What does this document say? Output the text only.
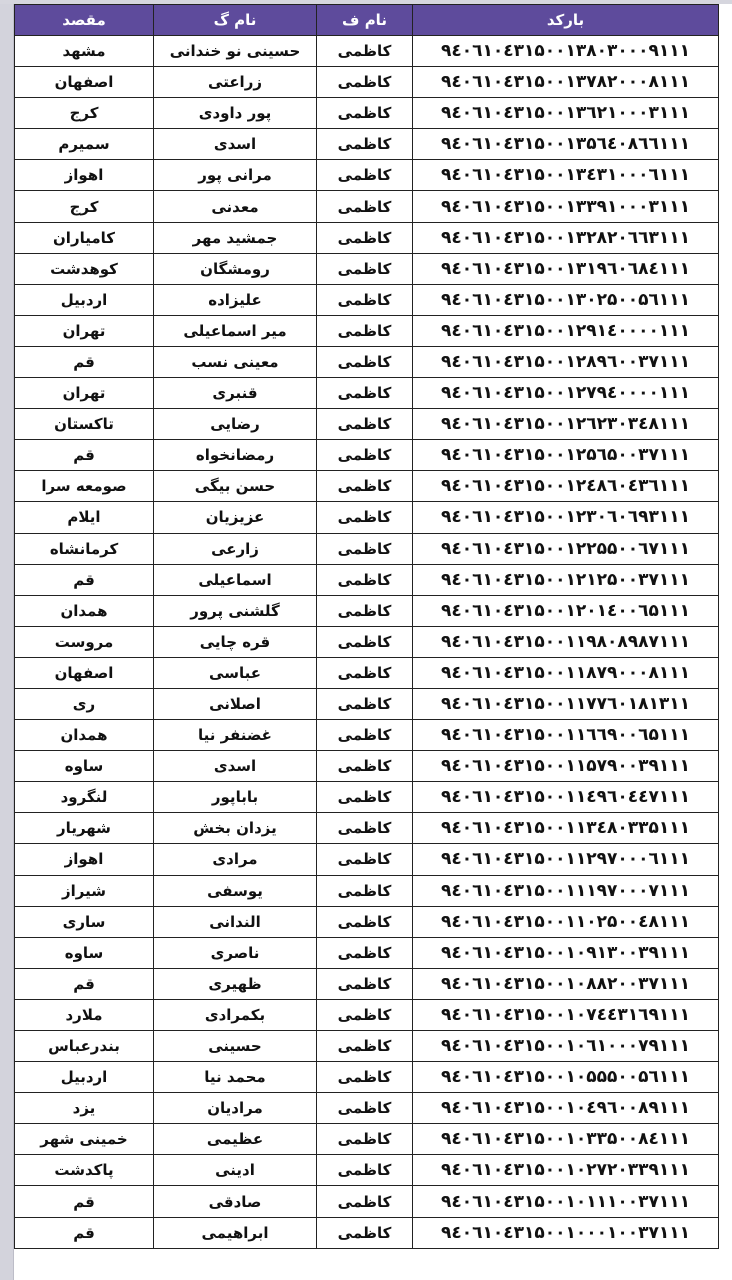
مقصد	نام گ	نام ف	بارکد
مشهد	حسینی نو خندانی	کاظمی	۹٤۰٦۱۰٤۳۱۵۰۰۱۳۸۰۳۰۰۰۹۱۱۱
اصفهان	زراعتی	کاظمی	۹٤۰٦۱۰٤۳۱۵۰۰۱۳۷۸۲۰۰۰۸۱۱۱
کرج	پور داودی	کاظمی	۹٤۰٦۱۰٤۳۱۵۰۰۱۳٦۲۱۰۰۰۳۱۱۱
سمیرم	اسدی	کاظمی	۹٤۰٦۱۰٤۳۱۵۰۰۱۳۵٦٤۰۸٦٦۱۱۱
اهواز	مرانی پور	کاظمی	۹٤۰٦۱۰٤۳۱۵۰۰۱۳٤۳۱۰۰۰٦۱۱۱
کرج	معدنی	کاظمی	۹٤۰٦۱۰٤۳۱۵۰۰۱۳۳۹۱۰۰۰۳۱۱۱
کامیاران	جمشید مهر	کاظمی	۹٤۰٦۱۰٤۳۱۵۰۰۱۳۲۸۲۰٦٦۳۱۱۱
کوهدشت	رومشگان	کاظمی	۹٤۰٦۱۰٤۳۱۵۰۰۱۳۱۹٦۰٦۸٤۱۱۱
اردبیل	علیزاده	کاظمی	۹٤۰٦۱۰٤۳۱۵۰۰۱۳۰۲۵۰۰۵٦۱۱۱
تهران	میر اسماعیلی	کاظمی	۹٤۰٦۱۰٤۳۱۵۰۰۱۲۹۱٤۰۰۰۰۱۱۱
قم	معینی نسب	کاظمی	۹٤۰٦۱۰٤۳۱۵۰۰۱۲۸۹٦۰۰۳۷۱۱۱
تهران	قنبری	کاظمی	۹٤۰٦۱۰٤۳۱۵۰۰۱۲۷۹٤۰۰۰۰۱۱۱
تاکستان	رضایی	کاظمی	۹٤۰٦۱۰٤۳۱۵۰۰۱۲٦۲۳۰۳٤۸۱۱۱
قم	رمضانخواه	کاظمی	۹٤۰٦۱۰٤۳۱۵۰۰۱۲۵٦۵۰۰۳۷۱۱۱
صومعه سرا	حسن بیگی	کاظمی	۹٤۰٦۱۰٤۳۱۵۰۰۱۲٤۸٦۰٤۳٦۱۱۱
ایلام	عزیزیان	کاظمی	۹٤۰٦۱۰٤۳۱۵۰۰۱۲۳۰٦۰٦۹۳۱۱۱
کرمانشاه	زارعی	کاظمی	۹٤۰٦۱۰٤۳۱۵۰۰۱۲۲۵۵۰۰٦۷۱۱۱
قم	اسماعیلی	کاظمی	۹٤۰٦۱۰٤۳۱۵۰۰۱۲۱۲۵۰۰۳۷۱۱۱
همدان	گلشنی پرور	کاظمی	۹٤۰٦۱۰٤۳۱۵۰۰۱۲۰۱٤۰۰٦۵۱۱۱
مروست	قره چایی	کاظمی	۹٤۰٦۱۰٤۳۱۵۰۰۱۱۹۸۰۸۹۸۷۱۱۱
اصفهان	عباسی	کاظمی	۹٤۰٦۱۰٤۳۱۵۰۰۱۱۸۷۹۰۰۰۸۱۱۱
ری	اصلانی	کاظمی	۹٤۰٦۱۰٤۳۱۵۰۰۱۱۷۷٦۰۱۸۱۳۱۱
همدان	غضنفر نیا	کاظمی	۹٤۰٦۱۰٤۳۱۵۰۰۱۱٦٦۹۰۰٦۵۱۱۱
ساوه	اسدی	کاظمی	۹٤۰٦۱۰٤۳۱۵۰۰۱۱۵۷۹۰۰۳۹۱۱۱
لنگرود	باباپور	کاظمی	۹٤۰٦۱۰٤۳۱۵۰۰۱۱٤۹٦۰٤٤۷۱۱۱
شهریار	یزدان بخش	کاظمی	۹٤۰٦۱۰٤۳۱۵۰۰۱۱۳٤۸۰۳۳۵۱۱۱
اهواز	مرادی	کاظمی	۹٤۰٦۱۰٤۳۱۵۰۰۱۱۲۹۷۰۰۰٦۱۱۱
شیراز	یوسفی	کاظمی	۹٤۰٦۱۰٤۳۱۵۰۰۱۱۱۹۷۰۰۰۷۱۱۱
ساری	الندانی	کاظمی	۹٤۰٦۱۰٤۳۱۵۰۰۱۱۰۲۵۰۰٤۸۱۱۱
ساوه	ناصری	کاظمی	۹٤۰٦۱۰٤۳۱۵۰۰۱۰۹۱۳۰۰۳۹۱۱۱
قم	ظهیری	کاظمی	۹٤۰٦۱۰٤۳۱۵۰۰۱۰۸۸۲۰۰۳۷۱۱۱
ملارد	بکمرادی	کاظمی	۹٤۰٦۱۰٤۳۱۵۰۰۱۰۷٤٤۳۱٦۹۱۱۱
بندرعباس	حسینی	کاظمی	۹٤۰٦۱۰٤۳۱۵۰۰۱۰٦۱۰۰۰۷۹۱۱۱
اردبیل	محمد نیا	کاظمی	۹٤۰٦۱۰٤۳۱۵۰۰۱۰۵۵۵۰۰۵٦۱۱۱
یزد	مرادیان	کاظمی	۹٤۰٦۱۰٤۳۱۵۰۰۱۰٤۹٦۰۰۸۹۱۱۱
خمینی شهر	عظیمی	کاظمی	۹٤۰٦۱۰٤۳۱۵۰۰۱۰۳۳۵۰۰۸٤۱۱۱
پاکدشت	ادینی	کاظمی	۹٤۰٦۱۰٤۳۱۵۰۰۱۰۲۷۲۰۳۳۹۱۱۱
قم	صادقی	کاظمی	۹٤۰٦۱۰٤۳۱۵۰۰۱۰۱۱۱۰۰۳۷۱۱۱
قم	ابراهیمی	کاظمی	۹٤۰٦۱۰٤۳۱۵۰۰۱۰۰۰۱۰۰۳۷۱۱۱
